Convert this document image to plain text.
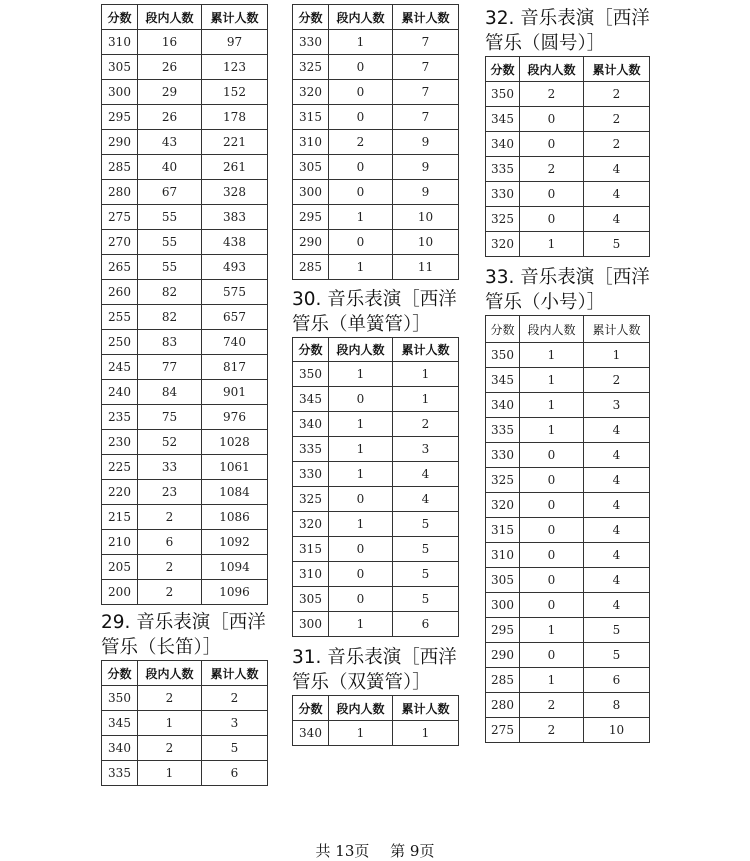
分数	段内人数	累计人数
310	16	97
305	26	123
300	29	152
295	26	178
290	43	221
285	40	261
280	67	328
275	55	383
270	55	438
265	55	493
260	82	575
255	82	657
250	83	740
245	77	817
240	84	901
235	75	976
230	52	1028
225	33	1061
220	23	1084
215	2	1086
210	6	1092
205	2	1094
200	2	1096

29. 音乐表演［西洋

管乐（长笛）］

分数	段内人数	累计人数
350	2	2
345	1	3
340	2	5
335	1	6
分数	段内人数	累计人数
330	1	7
325	0	7
320	0	7
315	0	7
310	2	9
305	0	9
300	0	9
295	1	10
290	0	10
285	1	11

30. 音乐表演［西洋

管乐（单簧管）］

分数	段内人数	累计人数
350	1	1
345	0	1
340	1	2
335	1	3
330	1	4
325	0	4
320	1	5
315	0	5
310	0	5
305	0	5
300	1	6

31. 音乐表演［西洋

管乐（双簧管）］

分数	段内人数	累计人数
340	1	1

32. 音乐表演［西洋

管乐（圆号）］

分数	段内人数	累计人数
350	2	2
345	0	2
340	0	2
335	2	4
330	0	4
325	0	4
320	1	5

33. 音乐表演［西洋

管乐（小号）］

分数	段内人数	累计人数
350	1	1
345	1	2
340	1	3
335	1	4
330	0	4
325	0	4
320	0	4
315	0	4
310	0	4
305	0	4
300	0	4
295	1	5
290	0	5
285	1	6
280	2	8
275	2	10
共 13页 第 9页
